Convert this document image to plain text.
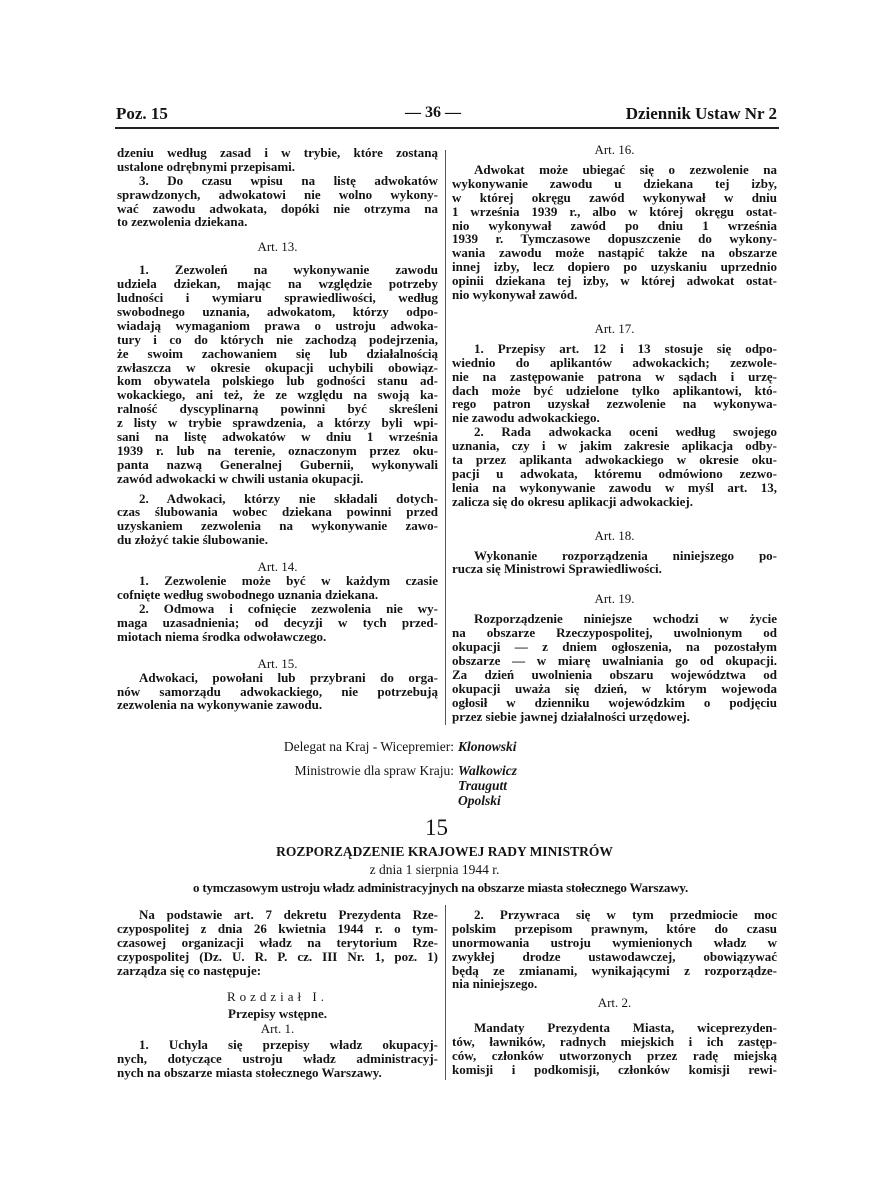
Poz. 15	— 36 —	Dziennik Ustaw Nr 2
dzeniu według zasad i w trybie, które zostaną
ustalone odrębnymi przepisami.
3. Do czasu wpisu na listę adwokatów
sprawdzonych, adwokatowi nie wolno wykony-
wać zawodu adwokata, dopóki nie otrzyma na
to zezwolenia dziekana.
Art. 13.
1. Zezwoleń na wykonywanie zawodu
udziela dziekan, mając na względzie potrzeby
ludności i wymiaru sprawiedliwości, według
swobodnego uznania, adwokatom, którzy odpo-
wiadają wymaganiom prawa o ustroju adwoka-
tury i co do których nie zachodzą podejrzenia,
że swoim zachowaniem się lub działalnością
zwłaszcza w okresie okupacji uchybili obowiąz-
kom obywatela polskiego lub godności stanu ad-
wokackiego, ani też, że ze względu na swoją ka-
ralność dyscyplinarną powinni być skreśleni
z listy w trybie sprawdzenia, a którzy byli wpi-
sani na listę adwokatów w dniu 1 września
1939 r. lub na terenie, oznaczonym przez oku-
panta nazwą Generalnej Gubernii, wykonywali
zawód adwokacki w chwili ustania okupacji.
2. Adwokaci, którzy nie składali dotych-
czas ślubowania wobec dziekana powinni przed
uzyskaniem zezwolenia na wykonywanie zawo-
du złożyć takie ślubowanie.
Art. 14.
1. Zezwolenie może być w każdym czasie
cofnięte według swobodnego uznania dziekana.
2. Odmowa i cofnięcie zezwolenia nie wy-
maga uzasadnienia; od decyzji w tych przed-
miotach niema środka odwoławczego.
Art. 15.
Adwokaci, powołani lub przybrani do orga-
nów samorządu adwokackiego, nie potrzebują
zezwolenia na wykonywanie zawodu.
Art. 16.
Adwokat może ubiegać się o zezwolenie na
wykonywanie zawodu u dziekana tej izby,
w której okręgu zawód wykonywał w dniu
1 września 1939 r., albo w której okręgu ostat-
nio wykonywał zawód po dniu 1 września
1939 r. Tymczasowe dopuszczenie do wykony-
wania zawodu może nastąpić także na obszarze
innej izby, lecz dopiero po uzyskaniu uprzednio
opinii dziekana tej izby, w której adwokat ostat-
nio wykonywał zawód.
Art. 17.
1. Przepisy art. 12 i 13 stosuje się odpo-
wiednio do aplikantów adwokackich; zezwole-
nie na zastępowanie patrona w sądach i urzę-
dach może być udzielone tylko aplikantowi, któ-
rego patron uzyskał zezwolenie na wykonywa-
nie zawodu adwokackiego.
2. Rada adwokacka oceni według swojego
uznania, czy i w jakim zakresie aplikacja odby-
ta przez aplikanta adwokackiego w okresie oku-
pacji u adwokata, któremu odmówiono zezwo-
lenia na wykonywanie zawodu w myśl art. 13,
zalicza się do okresu aplikacji adwokackiej.
Art. 18.
Wykonanie rozporządzenia niniejszego po-
rucza się Ministrowi Sprawiedliwości.
Art. 19.
Rozporządzenie niniejsze wchodzi w życie
na obszarze Rzeczypospolitej, uwolnionym od
okupacji — z dniem ogłoszenia, na pozostałym
obszarze — w miarę uwalniania go od okupacji.
Za dzień uwolnienia obszaru województwa od
okupacji uważa się dzień, w którym wojewoda
ogłosił w dzienniku wojewódzkim o podjęciu
przez siebie jawnej działalności urzędowej.
Delegat na Kraj - Wicepremier: Klonowski
Ministrowie dla spraw Kraju: Walkowicz
Traugutt
Opolski
15
ROZPORZĄDZENIE KRAJOWEJ RADY MINISTRÓW
z dnia 1 sierpnia 1944 r.
o tymczasowym ustroju władz administracyjnych na obszarze miasta stołecznego Warszawy.
Na podstawie art. 7 dekretu Prezydenta Rze-
czypospolitej z dnia 26 kwietnia 1944 r. o tym-
czasowej organizacji władz na terytorium Rze-
czypospolitej (Dz. U. R. P. cz. III Nr. 1, poz. 1)
zarządza się co następuje:
Rozdział I.
Przepisy wstępne.
Art. 1.
1. Uchyla się przepisy władz okupacyj-
nych, dotyczące ustroju władz administracyj-
nych na obszarze miasta stołecznego Warszawy.
2. Przywraca się w tym przedmiocie moc
polskim przepisom prawnym, które do czasu
unormowania ustroju wymienionych władz w
zwykłej drodze ustawodawczej, obowiązywać
będą ze zmianami, wynikającymi z rozporządze-
nia niniejszego.
Art. 2.
Mandaty Prezydenta Miasta, wiceprezyden-
tów, ławników, radnych miejskich i ich zastęp-
ców, członków utworzonych przez radę miejską
komisji i podkomisji, członków komisji rewi-
